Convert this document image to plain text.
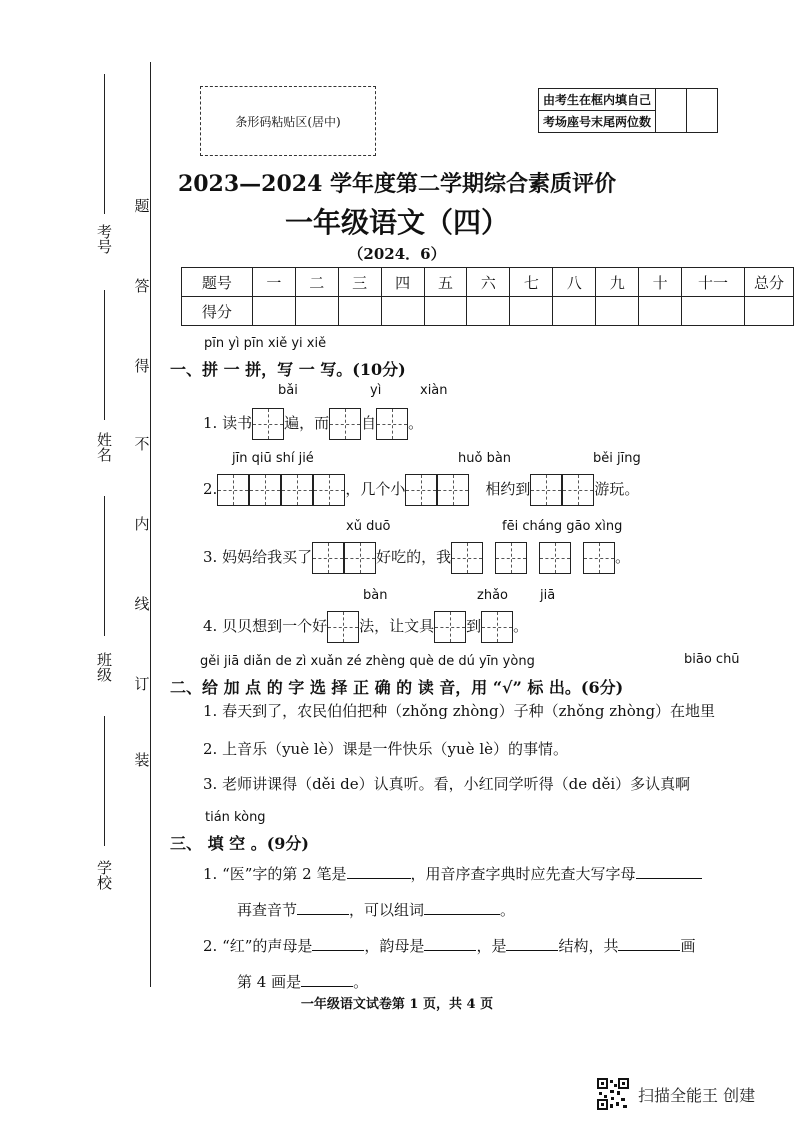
考号
姓名
班级
学校
题
答
得
不
内
线
订
装
条形码粘贴区(居中)
由考生在框内填自己		
考场座号末尾两位数
2023—2024 学年度第二学期综合素质评价
一年级语文（四）
（2024．6）
题号	一	二	三	四	五	六	七	八	九	十	十一	总分
得分												
pīn yì pīn xiě yi xiě
一、拼 一 拼，写 一 写。(10分)
bǎi	yì	xiàn
1. 读书 遍，而 自 。
jīn qiū shí jié	huǒ bàn	běi jīng
2.	，几个小	相约到	游玩。
xǔ duō	fēi cháng gāo xìng
3. 妈妈给我买了	好吃的，我	。
bàn	zhǎo jiā
4. 贝贝想到一个好 法，让文具 到 。
gěi jiā diǎn de zì xuǎn zé zhèng què de dú yīn yòng	biāo chū
二、给 加 点 的 字 选 择 正 确 的 读 音，用 “√” 标 出。(6分)
1. 春天到了，农民伯伯把种（zhǒng zhòng）子种（zhǒng zhòng）在地里
2. 上音乐（yuè lè）课是一件快乐（yuè lè）的事情。
3. 老师讲课得（děi de）认真听。看，小红同学听得（de děi）多认真啊
tián kòng
三、 填 空 。(9分)
1. “医”字的第 2 笔是	，用音序查字典时应先查大写字母
再查音节	，可以组词	。
2. “红”的声母是	，韵母是	，是	结构，共	画
第 4 画是	。
一年级语文试卷第 1 页，共 4 页
扫描全能王 创建
